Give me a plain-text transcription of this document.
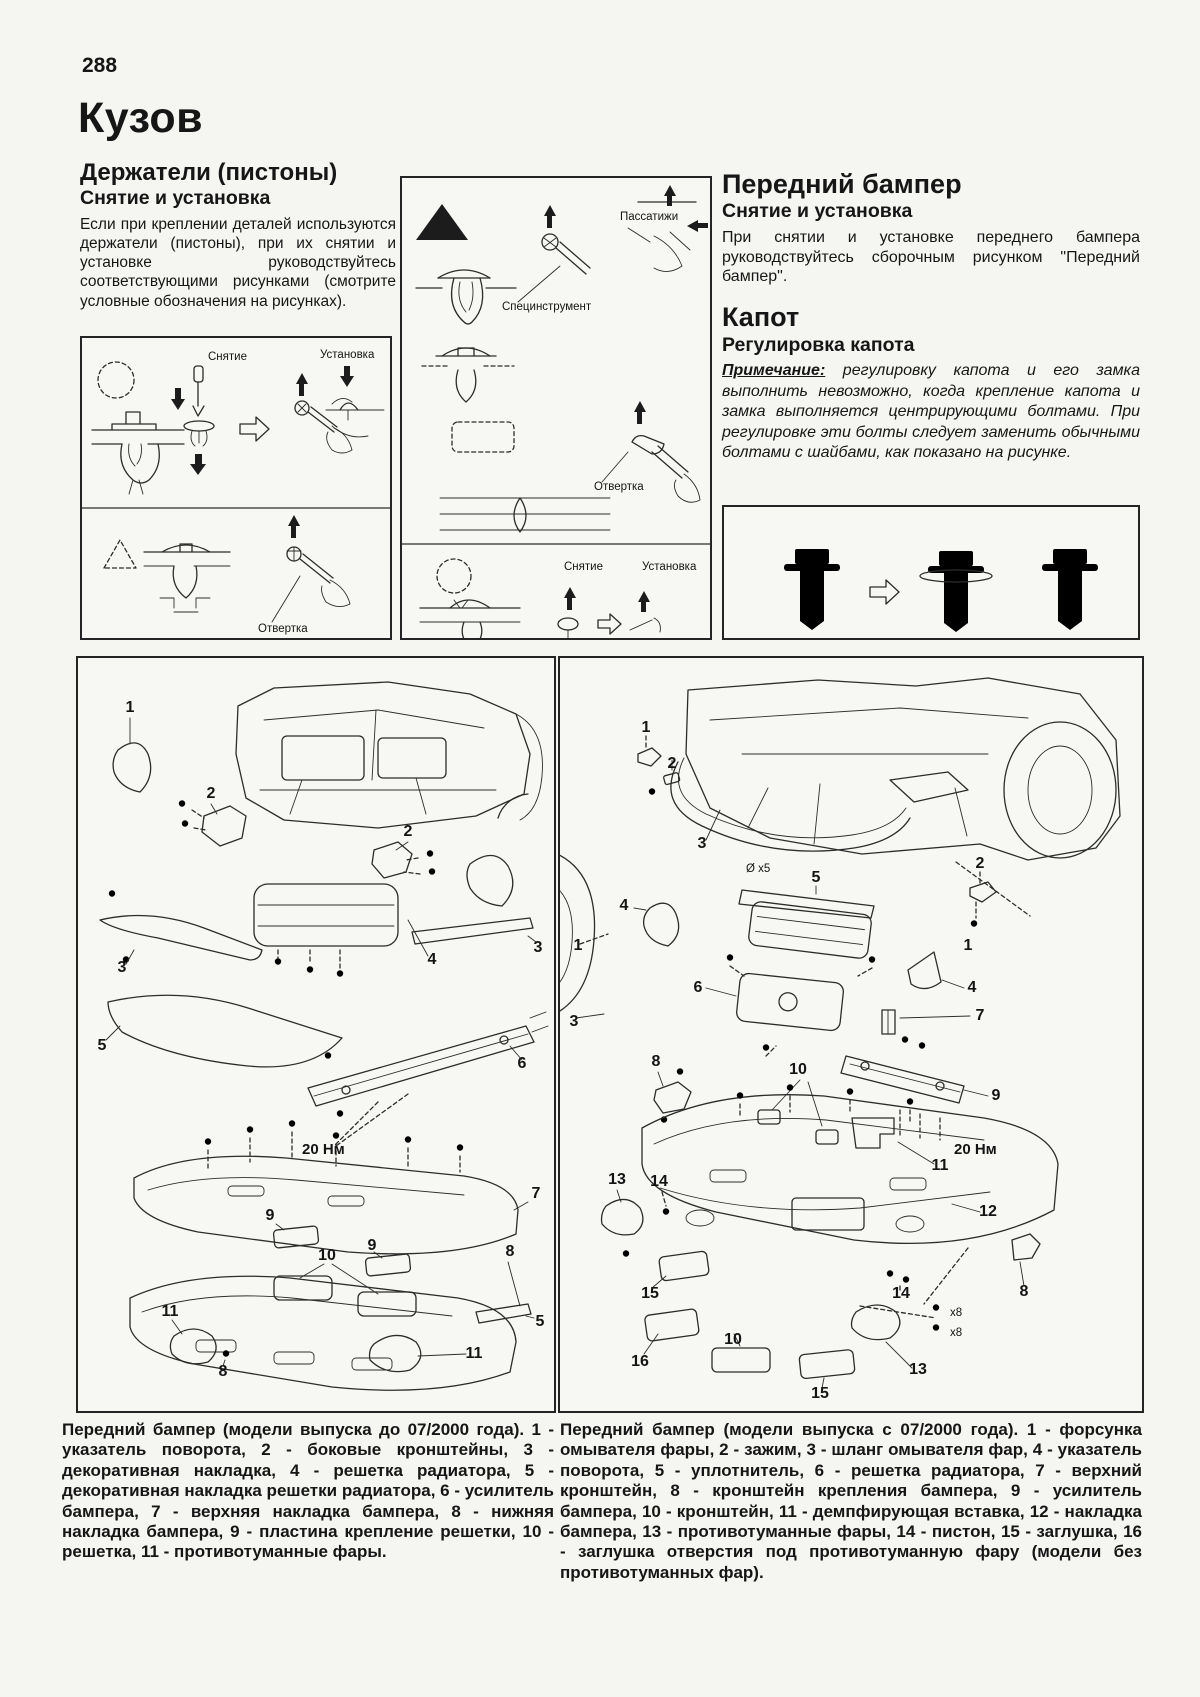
288
Кузов
Держатели (пистоны)
Снятие и установка

Если при креплении деталей используются держатели (пистоны), при их снятии и установке руководствуйтесь соответствующими рисунками (смотрите условные обозначения на рисунках).

Снятие	Установка
Отвертка
Пассатижи
Специнструмент
Отвертка
Снятие	Установка
Передний бампер
Снятие и установка

При снятии и установке переднего бампера руководствуйтесь сборочным рисунком "Передний бампер".

Капот
Регулировка капота

Примечание: регулировку капота и его замка выполнить невозможно, когда крепление капота и замка выполняется центрирующими болтами. При регулировке эти болты следует заменить обычными болтами с шайбами, как показано на рисунке.

1
2
2
3	4
3
5
6
20 Нм
7
9
9
10	8
11
8
11
5
1
2
3
Ø x5
4
5
1
2
1
4
6
7
3
8	10
9
20 Нм
11
13 14
12
15
16
10
14	8
x8
x8
15
13

Передний бампер (модели выпуска до 07/2000 года). 1 - указатель поворота, 2 - боковые кронштейны, 3 - декоративная накладка, 4 - решетка радиатора, 5 - декоративная накладка решетки радиатора, 6 - усилитель бампера, 7 - верхняя накладка бампера, 8 - нижняя накладка бампера, 9 - пластина крепление решетки, 10 - решетка, 11 - противотуманные фары.

Передний бампер (модели выпуска с 07/2000 года). 1 - форсунка омывателя фары, 2 - зажим, 3 - шланг омывателя фар, 4 - указатель поворота, 5 - уплотнитель, 6 - решетка радиатора, 7 - верхний кронштейн, 8 - кронштейн крепления бампера, 9 - усилитель бампера, 10 - кронштейн, 11 - демпфирующая вставка, 12 - накладка бампера, 13 - противотуманные фары, 14 - пистон, 15 - заглушка, 16 - заглушка отверстия под противотуманную фару (модели без противотуманных фар).
